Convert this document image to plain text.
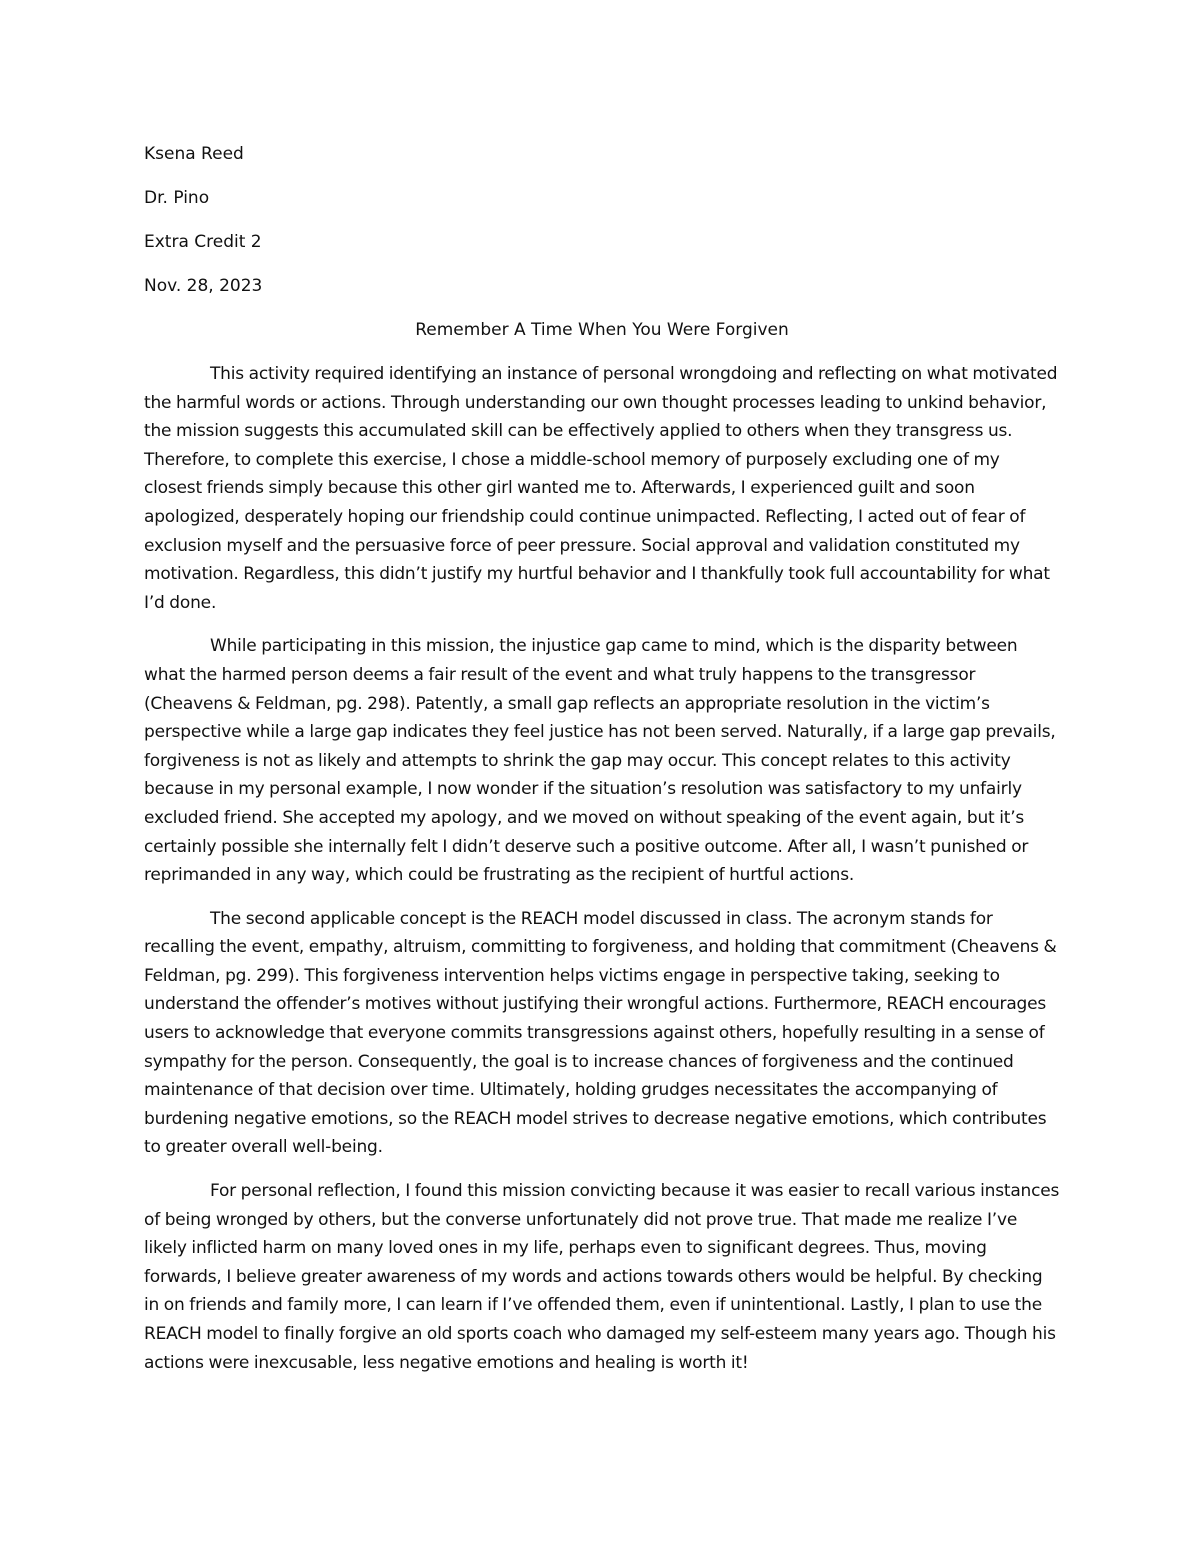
Ksena Reed
Dr. Pino
Extra Credit 2
Nov. 28, 2023
Remember A Time When You Were Forgiven

This activity required identifying an instance of personal wrongdoing and reflecting on what motivated the harmful words or actions. Through understanding our own thought processes leading to unkind behavior, the mission suggests this accumulated skill can be effectively applied to others when they transgress us. Therefore, to complete this exercise, I chose a middle-school memory of purposely excluding one of my closest friends simply because this other girl wanted me to. Afterwards, I experienced guilt and soon apologized, desperately hoping our friendship could continue unimpacted. Reflecting, I acted out of fear of exclusion myself and the persuasive force of peer pressure. Social approval and validation constituted my motivation. Regardless, this didn’t justify my hurtful behavior and I thankfully took full accountability for what I’d done.

While participating in this mission, the injustice gap came to mind, which is the disparity between what the harmed person deems a fair result of the event and what truly happens to the transgressor (Cheavens & Feldman, pg. 298). Patently, a small gap reflects an appropriate resolution in the victim’s perspective while a large gap indicates they feel justice has not been served. Naturally, if a large gap prevails, forgiveness is not as likely and attempts to shrink the gap may occur. This concept relates to this activity because in my personal example, I now wonder if the situation’s resolution was satisfactory to my unfairly excluded friend. She accepted my apology, and we moved on without speaking of the event again, but it’s certainly possible she internally felt I didn’t deserve such a positive outcome. After all, I wasn’t punished or reprimanded in any way, which could be frustrating as the recipient of hurtful actions.

The second applicable concept is the REACH model discussed in class. The acronym stands for recalling the event, empathy, altruism, committing to forgiveness, and holding that commitment (Cheavens & Feldman, pg. 299). This forgiveness intervention helps victims engage in perspective taking, seeking to understand the offender’s motives without justifying their wrongful actions. Furthermore, REACH encourages users to acknowledge that everyone commits transgressions against others, hopefully resulting in a sense of sympathy for the person. Consequently, the goal is to increase chances of forgiveness and the continued maintenance of that decision over time. Ultimately, holding grudges necessitates the accompanying of burdening negative emotions, so the REACH model strives to decrease negative emotions, which contributes to greater overall well-being.

For personal reflection, I found this mission convicting because it was easier to recall various instances of being wronged by others, but the converse unfortunately did not prove true. That made me realize I’ve likely inflicted harm on many loved ones in my life, perhaps even to significant degrees. Thus, moving forwards, I believe greater awareness of my words and actions towards others would be helpful. By checking in on friends and family more, I can learn if I’ve offended them, even if unintentional. Lastly, I plan to use the REACH model to finally forgive an old sports coach who damaged my self-esteem many years ago. Though his actions were inexcusable, less negative emotions and healing is worth it!
